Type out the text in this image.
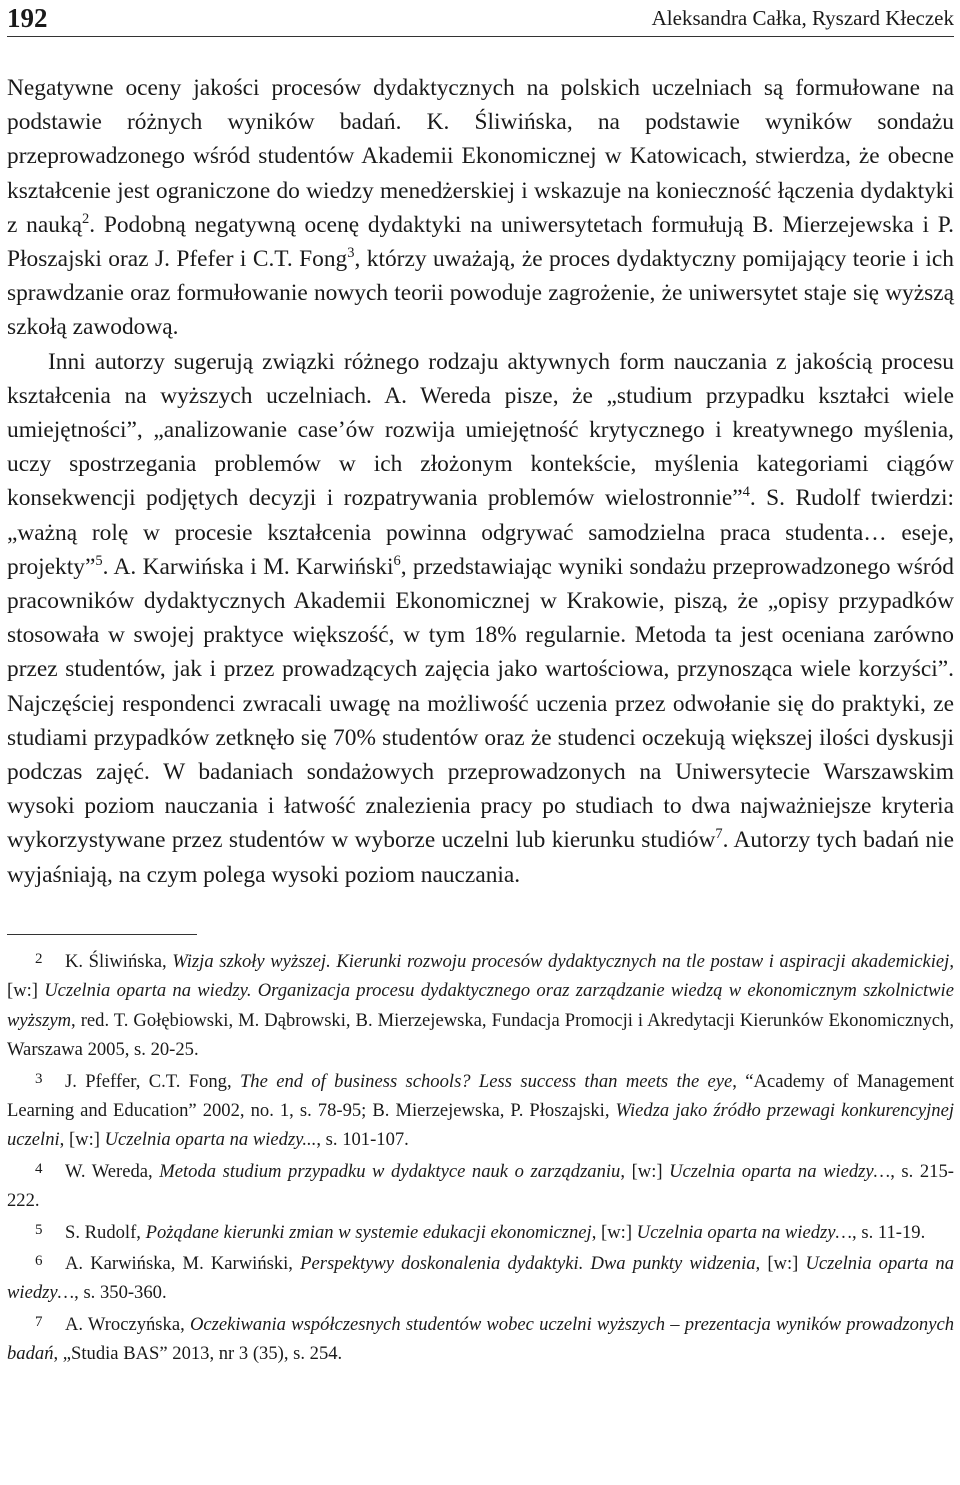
192	Aleksandra Całka, Ryszard Kłeczek

Negatywne oceny jakości procesów dydaktycznych na polskich uczelniach są formułowane na podstawie różnych wyników badań. K. Śliwińska, na podstawie wyników sondażu przeprowadzonego wśród studentów Akademii Ekonomicznej w Katowicach, stwierdza, że obecne kształcenie jest ograniczone do wiedzy menedżerskiej i wskazuje na konieczność łączenia dydaktyki z nauką$^2$. Podobną negatywną ocenę dydaktyki na uniwersytetach formułują B. Mierzejewska i P. Płoszajski oraz J. Pfefer i C.T. Fong$^3$, którzy uważają, że proces dydaktyczny pomijający teorie i ich sprawdzanie oraz formułowanie nowych teorii powoduje zagrożenie, że uniwersytet staje się wyższą szkołą zawodową.

Inni autorzy sugerują związki różnego rodzaju aktywnych form nauczania z jakością procesu kształcenia na wyższych uczelniach. A. Wereda pisze, że „studium przypadku kształci wiele umiejętności”, „analizowanie case’ów rozwija umiejętność krytycznego i kreatywnego myślenia, uczy spostrzegania problemów w ich złożonym kontekście, myślenia kategoriami ciągów konsekwencji podjętych decyzji i rozpatrywania problemów wielostronnie”$^4$. S. Rudolf twierdzi: „ważną rolę w procesie kształcenia powinna odgrywać samodzielna praca studenta… eseje, projekty”$^5$. A. Karwińska i M. Karwiński$^6$, przedstawiając wyniki sondażu przeprowadzonego wśród pracowników dydaktycznych Akademii Ekonomicznej w Krakowie, piszą, że „opisy przypadków stosowała w swojej praktyce większość, w tym 18% regularnie. Metoda ta jest oceniana zarówno przez studentów, jak i przez prowadzących zajęcia jako wartościowa, przynosząca wiele korzyści”. Najczęściej respondenci zwracali uwagę na możliwość uczenia przez odwołanie się do praktyki, ze studiami przypadków zetknęło się 70% studentów oraz że studenci oczekują większej ilości dyskusji podczas zajęć. W badaniach sondażowych przeprowadzonych na Uniwersytecie Warszawskim wysoki poziom nauczania i łatwość znalezienia pracy po studiach to dwa najważniejsze kryteria wykorzystywane przez studentów w wyborze uczelni lub kierunku studiów$^7$. Autorzy tych badań nie wyjaśniają, na czym polega wysoki poziom nauczania.

2 K. Śliwińska, Wizja szkoły wyższej. Kierunki rozwoju procesów dydaktycznych na tle postaw i aspiracji akademickiej, [w:] Uczelnia oparta na wiedzy. Organizacja procesu dydaktycznego oraz zarządzanie wiedzą w ekonomicznym szkolnictwie wyższym, red. T. Gołębiowski, M. Dąbrowski, B. Mierzejewska, Fundacja Promocji i Akredytacji Kierunków Ekonomicznych, Warszawa 2005, s. 20-25.

3 J. Pfeffer, C.T. Fong, The end of business schools? Less success than meets the eye, “Academy of Management Learning and Education” 2002, no. 1, s. 78-95; B. Mierzejewska, P. Płoszajski, Wiedza jako źródło przewagi konkurencyjnej uczelni, [w:] Uczelnia oparta na wiedzy..., s. 101-107.

4 W. Wereda, Metoda studium przypadku w dydaktyce nauk o zarządzaniu, [w:] Uczelnia oparta na wiedzy…, s. 215-222.

5 S. Rudolf, Pożądane kierunki zmian w systemie edukacji ekonomicznej, [w:] Uczelnia oparta na wiedzy…, s. 11-19.

6 A. Karwińska, M. Karwiński, Perspektywy doskonalenia dydaktyki. Dwa punkty widzenia, [w:] Uczelnia oparta na wiedzy…, s. 350-360.

7 A. Wroczyńska, Oczekiwania współczesnych studentów wobec uczelni wyższych – prezentacja wyników prowadzonych badań, „Studia BAS” 2013, nr 3 (35), s. 254.
